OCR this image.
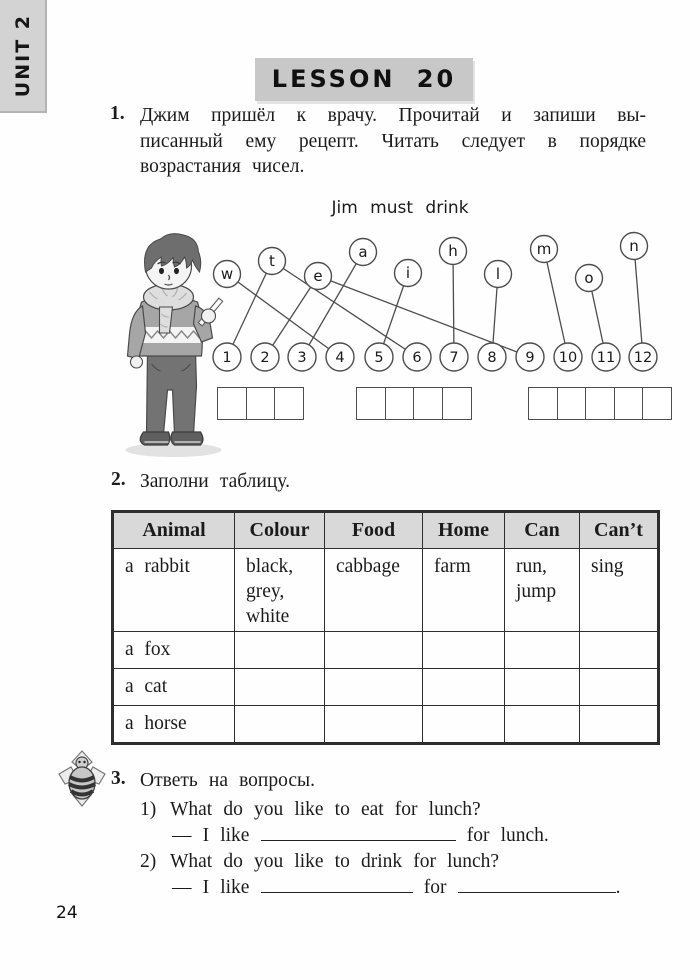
UNIT 2	LESSON 20
1. Джим пришёл к врачу. Прочитай и запиши вы-
писанный ему рецепт. Читать следует в порядке
возрастания чисел.
Jim must drink
w
t
e
a
i
h
l
m
o
n
1 2 3 4 5 6 7 8 9 10 11 12
2. Заполни таблицу.
Animal	Colour	Food	Home	Can	Can’t
a rabbit	black, grey, white	cabbage	farm	run, jump	sing
a fox					
a cat					
a horse					
3. Ответь на вопросы.
1) What do you like to eat for lunch?
— I like	for lunch.
2) What do you like to drink for lunch?
— I like	for	.
24
